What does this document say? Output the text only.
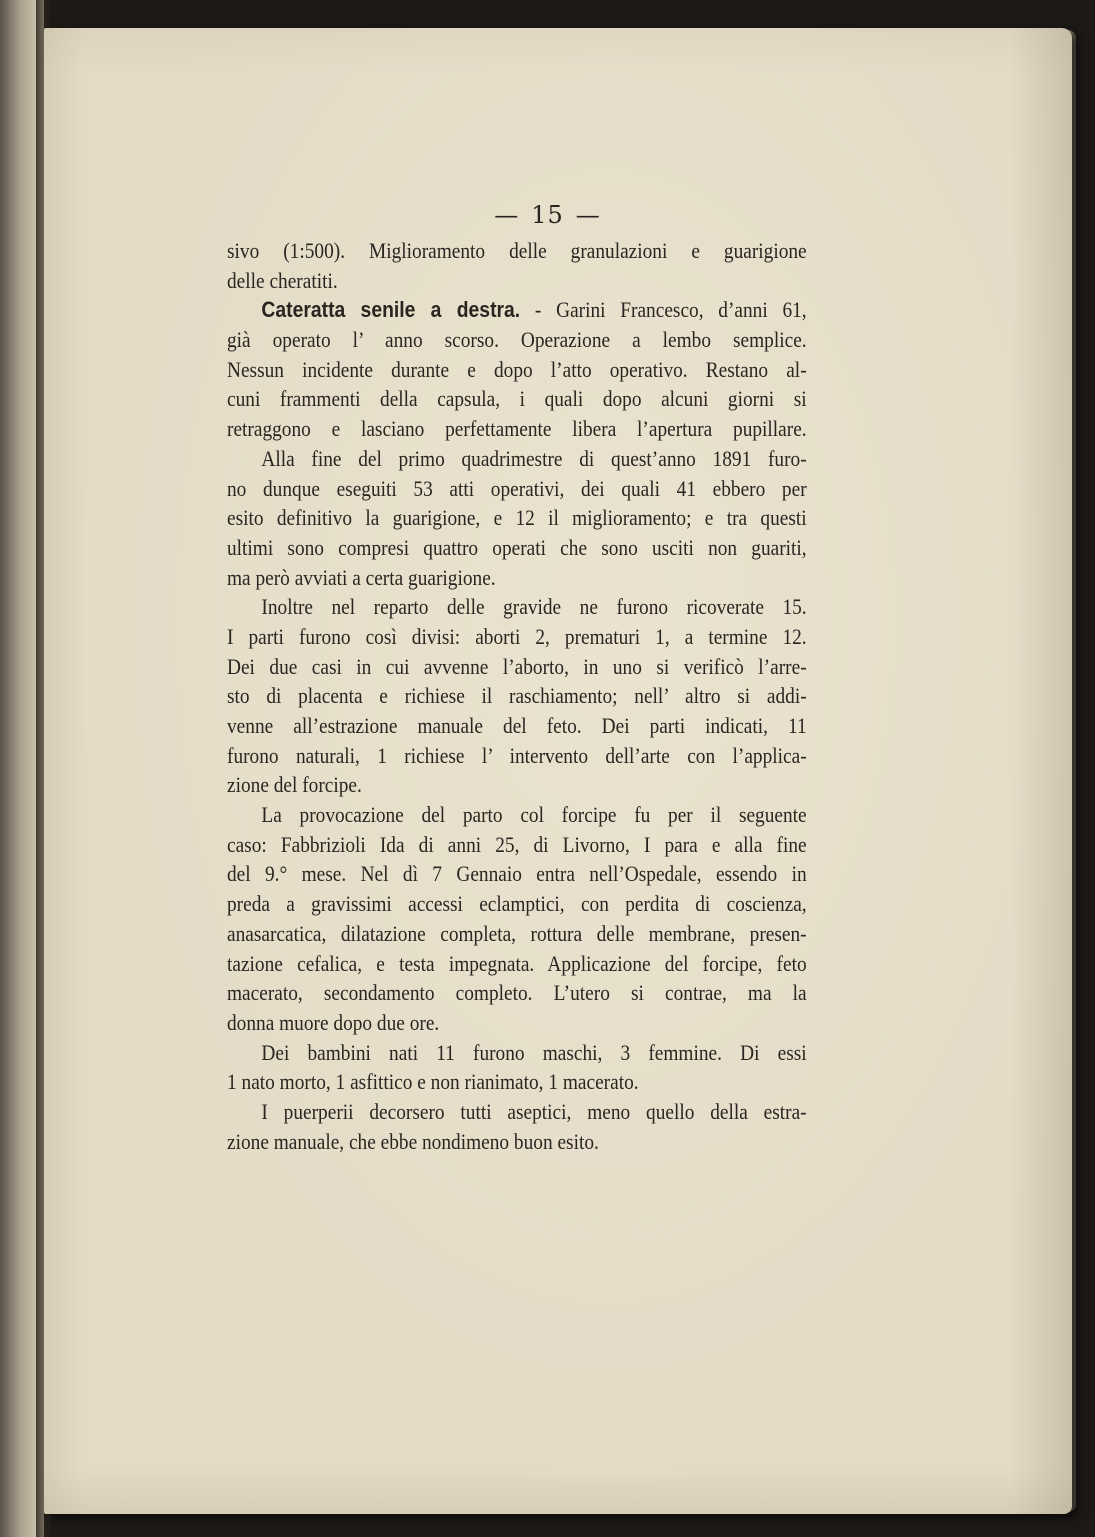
— 15 —
sivo (1:500). Miglioramento delle granulazioni e guarigione
delle cheratiti.
Cateratta senile a destra. - Garini Francesco, d’anni 61,
già operato l’ anno scorso. Operazione a lembo semplice.
Nessun incidente durante e dopo l’atto operativo. Restano al-
cuni frammenti della capsula, i quali dopo alcuni giorni si
retraggono e lasciano perfettamente libera l’apertura pupillare.
Alla fine del primo quadrimestre di quest’anno 1891 furo-
no dunque eseguiti 53 atti operativi, dei quali 41 ebbero per
esito definitivo la guarigione, e 12 il miglioramento; e tra questi
ultimi sono compresi quattro operati che sono usciti non guariti,
ma però avviati a certa guarigione.
Inoltre nel reparto delle gravide ne furono ricoverate 15.
I parti furono così divisi: aborti 2, prematuri 1, a termine 12.
Dei due casi in cui avvenne l’aborto, in uno si verificò l’arre-
sto di placenta e richiese il raschiamento; nell’ altro si addi-
venne all’estrazione manuale del feto. Dei parti indicati, 11
furono naturali, 1 richiese l’ intervento dell’arte con l’applica-
zione del forcipe.
La provocazione del parto col forcipe fu per il seguente
caso: Fabbrizioli Ida di anni 25, di Livorno, I para e alla fine
del 9.° mese. Nel dì 7 Gennaio entra nell’Ospedale, essendo in
preda a gravissimi accessi eclamptici, con perdita di coscienza,
anasarcatica, dilatazione completa, rottura delle membrane, presen-
tazione cefalica, e testa impegnata. Applicazione del forcipe, feto
macerato, secondamento completo. L’utero si contrae, ma la
donna muore dopo due ore.
Dei bambini nati 11 furono maschi, 3 femmine. Di essi
1 nato morto, 1 asfittico e non rianimato, 1 macerato.
I puerperii decorsero tutti aseptici, meno quello della estra-
zione manuale, che ebbe nondimeno buon esito.
